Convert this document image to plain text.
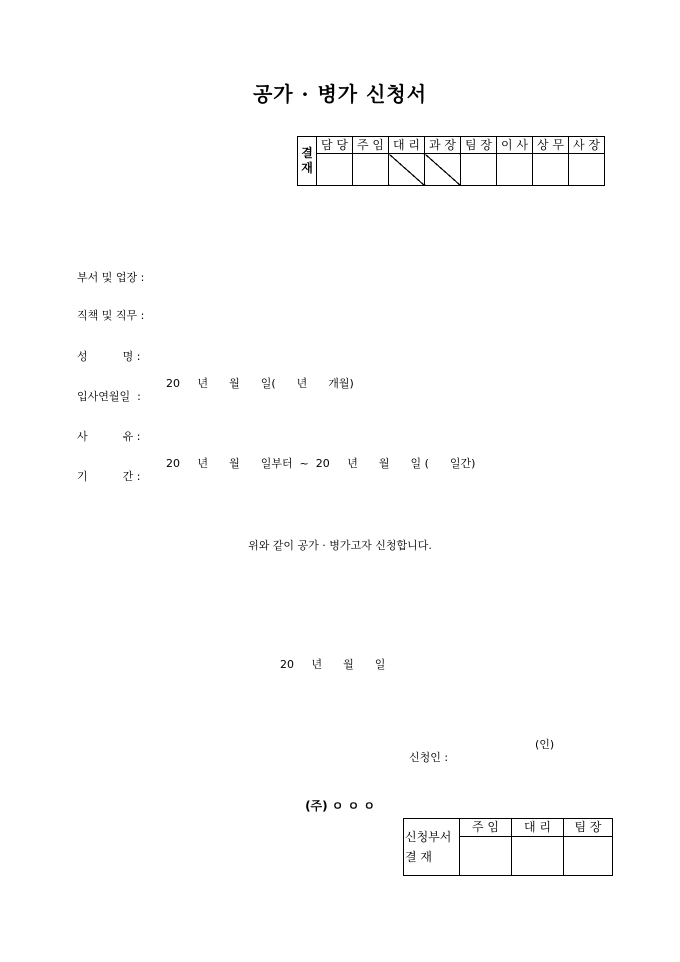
공가 · 병가 신청서
결
재	담 당	주 임	대 리	과 장	팀 장	이 사	상 무	사 장

부서 및 업장 :

직책 및 직무 :

성          명 :

입사연월일  :

20     년      월      일(      년      개월)

사          유 :

기          간 :

20     년      월      일부터  ~  20     년      월      일 (      일간)

위와 같이 공가 · 병가고자 신청합니다.
20     년      월      일

신청인 :

(인)

(주) ㅇ ㅇ ㅇ
신청부서
결 재	주 임	대 리	팀 장
